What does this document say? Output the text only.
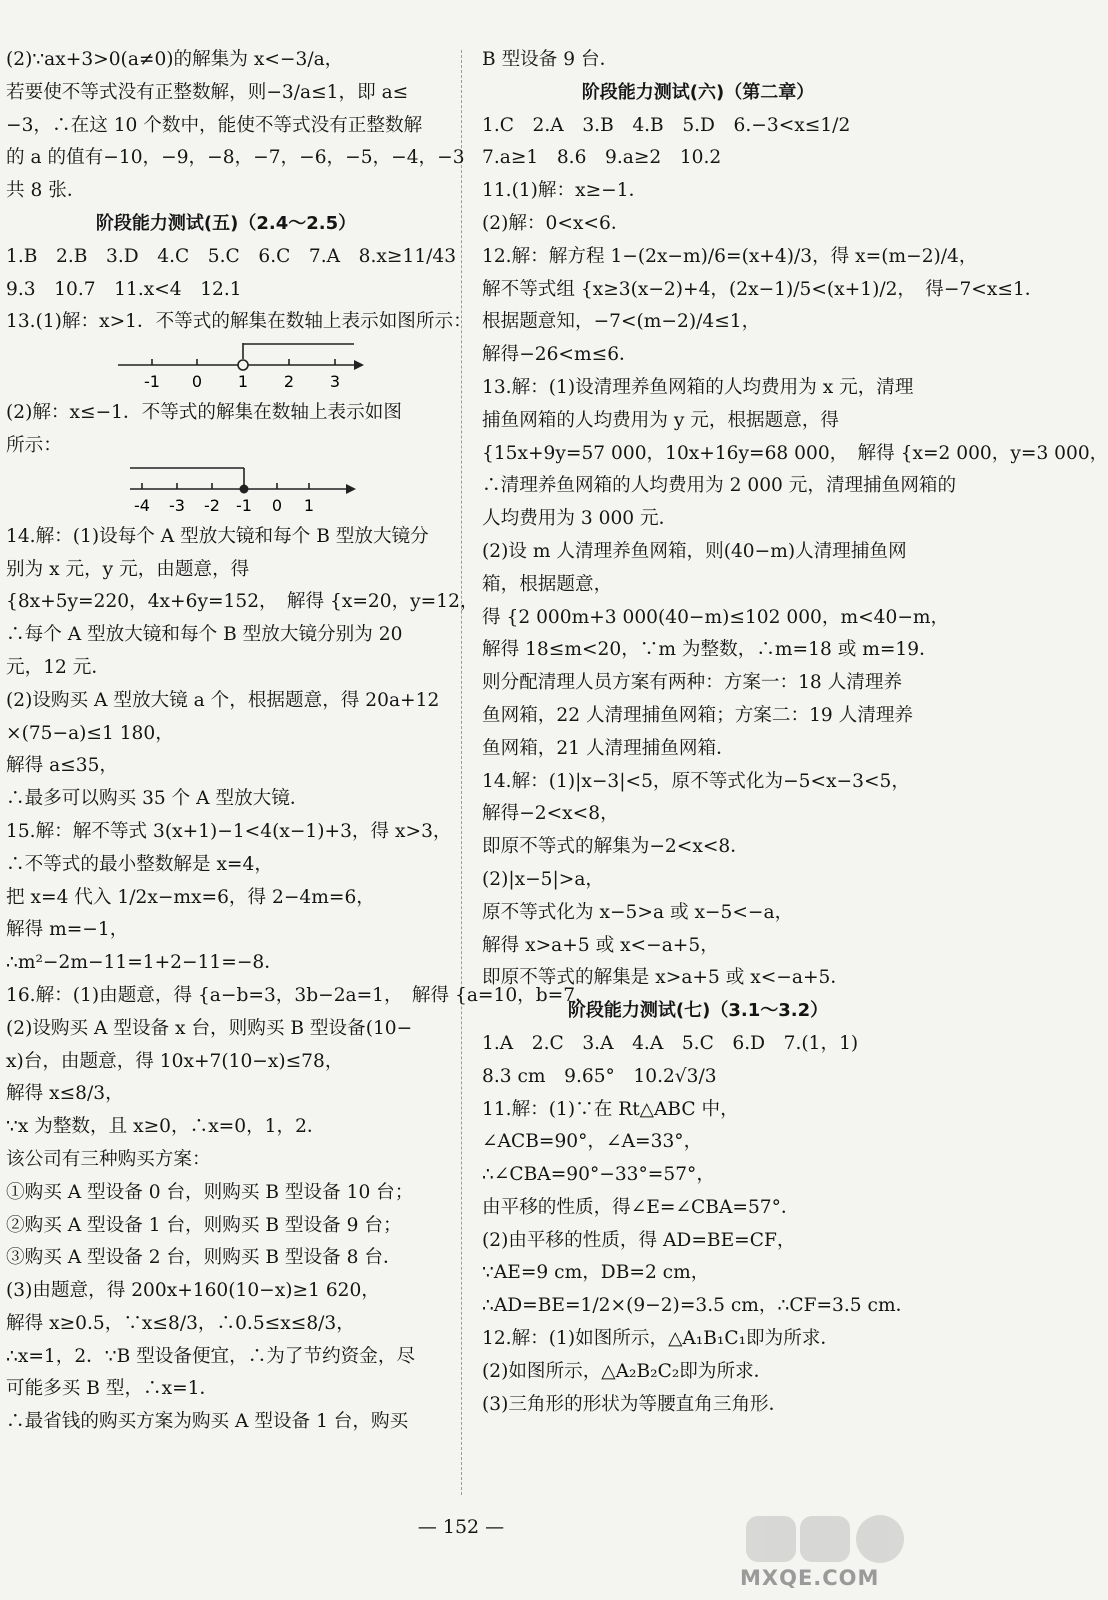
(2)∵ax+3>0(a≠0)的解集为 x<−3/a，
若要使不等式没有正整数解，则−3/a≤1，即 a≤
−3，∴在这 10 个数中，能使不等式没有正整数解
的 a 的值有−10，−9，−8，−7，−6，−5，−4，−3
共 8 张．
阶段能力测试(五)（2.4～2.5）
1.B　2.B　3.D　4.C　5.C　6.C　7.A　8.x≥11/43
9.3　10.7　11.x<4　12.1
13.(1)解：x>1．不等式的解集在数轴上表示如图所示：
-1 0 1 2 3
(2)解：x≤−1．不等式的解集在数轴上表示如图
所示：
-4 -3 -2 -1 0 1
14.解：(1)设每个 A 型放大镜和每个 B 型放大镜分
别为 x 元，y 元，由题意，得
{8x+5y=220，4x+6y=152，　解得 {x=20，y=12，
∴每个 A 型放大镜和每个 B 型放大镜分别为 20
元，12 元．
(2)设购买 A 型放大镜 a 个，根据题意，得 20a+12
×(75−a)≤1 180，
解得 a≤35，
∴最多可以购买 35 个 A 型放大镜．
15.解：解不等式 3(x+1)−1<4(x−1)+3，得 x>3，
∴不等式的最小整数解是 x=4，
把 x=4 代入 1/2x−mx=6，得 2−4m=6，
解得 m=−1，
∴m²−2m−11=1+2−11=−8．
16.解：(1)由题意，得 {a−b=3，3b−2a=1，　解得 {a=10，b=7．
(2)设购买 A 型设备 x 台，则购买 B 型设备(10−
x)台，由题意，得 10x+7(10−x)≤78，
解得 x≤8/3，
∵x 为整数，且 x≥0，∴x=0，1，2．
该公司有三种购买方案：
①购买 A 型设备 0 台，则购买 B 型设备 10 台；
②购买 A 型设备 1 台，则购买 B 型设备 9 台；
③购买 A 型设备 2 台，则购买 B 型设备 8 台．
(3)由题意，得 200x+160(10−x)≥1 620，
解得 x≥0.5，∵x≤8/3，∴0.5≤x≤8/3，
∴x=1，2．∵B 型设备便宜，∴为了节约资金，尽
可能多买 B 型，∴x=1．
∴最省钱的购买方案为购买 A 型设备 1 台，购买
B 型设备 9 台．
阶段能力测试(六)（第二章）
1.C　2.A　3.B　4.B　5.D　6.−3<x≤1/2
7.a≥1　8.6　9.a≥2　10.2
11.(1)解：x≥−1．
(2)解：0<x<6．
12.解：解方程 1−(2x−m)/6=(x+4)/3，得 x=(m−2)/4，
解不等式组 {x≥3(x−2)+4，(2x−1)/5<(x+1)/2，　得−7<x≤1．
根据题意知，−7<(m−2)/4≤1，
解得−26<m≤6．
13.解：(1)设清理养鱼网箱的人均费用为 x 元，清理
捕鱼网箱的人均费用为 y 元，根据题意，得
{15x+9y=57 000，10x+16y=68 000，　解得 {x=2 000，y=3 000，
∴清理养鱼网箱的人均费用为 2 000 元，清理捕鱼网箱的
人均费用为 3 000 元．
(2)设 m 人清理养鱼网箱，则(40−m)人清理捕鱼网
箱，根据题意，
得 {2 000m+3 000(40−m)≤102 000，m<40−m，
解得 18≤m<20，∵m 为整数，∴m=18 或 m=19．
则分配清理人员方案有两种：方案一：18 人清理养
鱼网箱，22 人清理捕鱼网箱；方案二：19 人清理养
鱼网箱，21 人清理捕鱼网箱．
14.解：(1)|x−3|<5，原不等式化为−5<x−3<5，
解得−2<x<8，
即原不等式的解集为−2<x<8．
(2)|x−5|>a，
原不等式化为 x−5>a 或 x−5<−a，
解得 x>a+5 或 x<−a+5，
即原不等式的解集是 x>a+5 或 x<−a+5．
阶段能力测试(七)（3.1～3.2）
1.A　2.C　3.A　4.A　5.C　6.D　7.(1，1)
8.3 cm　9.65°　10.2√3/3
11.解：(1)∵在 Rt△ABC 中，
∠ACB=90°，∠A=33°，
∴∠CBA=90°−33°=57°，
由平移的性质，得∠E=∠CBA=57°．
(2)由平移的性质，得 AD=BE=CF，
∵AE=9 cm，DB=2 cm，
∴AD=BE=1/2×(9−2)=3.5 cm，∴CF=3.5 cm．
12.解：(1)如图所示，△A₁B₁C₁即为所求．
(2)如图所示，△A₂B₂C₂即为所求．
(3)三角形的形状为等腰直角三角形．
— 152 —
MXQE.COM
